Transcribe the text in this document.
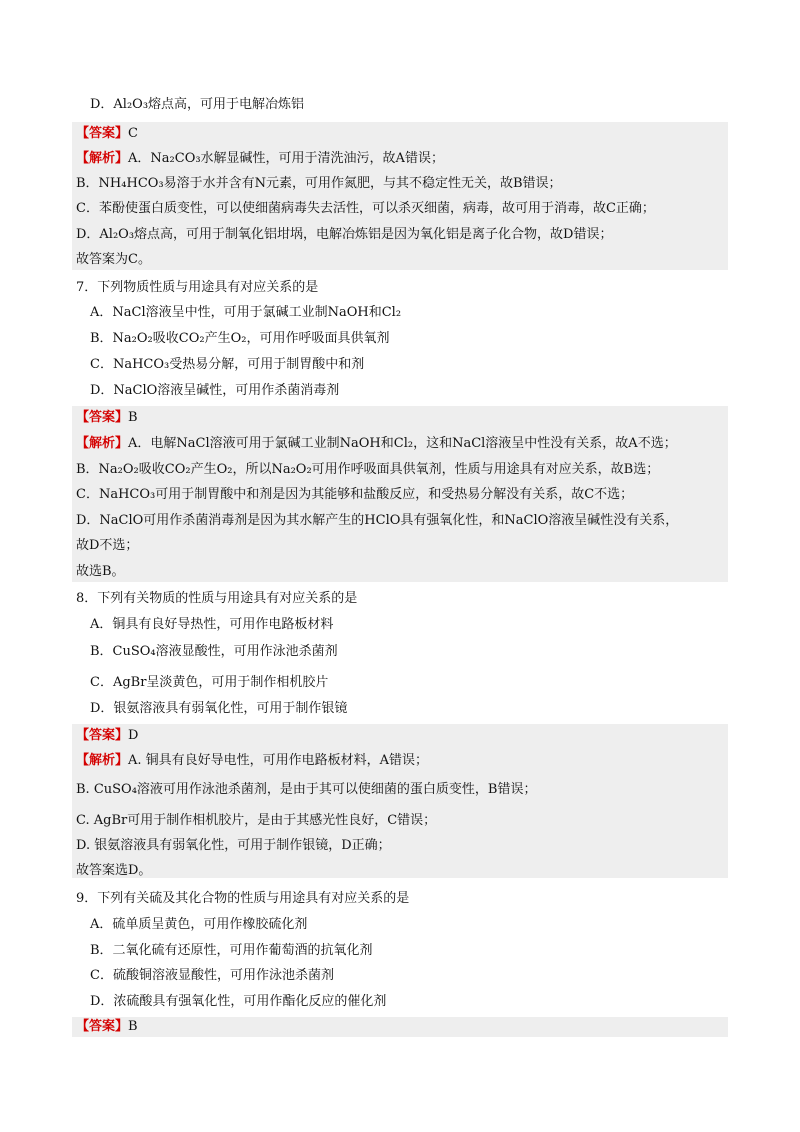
D．Al₂O₃熔点高，可用于电解冶炼铝
【答案】C
【解析】A．Na₂CO₃水解显碱性，可用于清洗油污，故A错误；
B．NH₄HCO₃易溶于水并含有N元素，可用作氮肥，与其不稳定性无关，故B错误；
C．苯酚使蛋白质变性，可以使细菌病毒失去活性，可以杀灭细菌，病毒，故可用于消毒，故C正确；
D．Al₂O₃熔点高，可用于制氧化铝坩埚，电解冶炼铝是因为氧化铝是离子化合物，故D错误；
故答案为C。
7．下列物质性质与用途具有对应关系的是
A．NaCl溶液呈中性，可用于氯碱工业制NaOH和Cl₂
B．Na₂O₂吸收CO₂产生O₂，可用作呼吸面具供氧剂
C．NaHCO₃受热易分解，可用于制胃酸中和剂
D．NaClO溶液呈碱性，可用作杀菌消毒剂
【答案】B
【解析】A．电解NaCl溶液可用于氯碱工业制NaOH和Cl₂，这和NaCl溶液呈中性没有关系，故A不选；
B．Na₂O₂吸收CO₂产生O₂，所以Na₂O₂可用作呼吸面具供氧剂，性质与用途具有对应关系，故B选；
C．NaHCO₃可用于制胃酸中和剂是因为其能够和盐酸反应，和受热易分解没有关系，故C不选；
D．NaClO可用作杀菌消毒剂是因为其水解产生的HClO具有强氧化性，和NaClO溶液呈碱性没有关系，
故D不选；
故选B。
8．下列有关物质的性质与用途具有对应关系的是
A．铜具有良好导热性，可用作电路板材料
B．CuSO₄溶液显酸性，可用作泳池杀菌剂
C．AgBr呈淡黄色，可用于制作相机胶片
D．银氨溶液具有弱氧化性，可用于制作银镜
【答案】D
【解析】A. 铜具有良好导电性，可用作电路板材料，A错误；
B. CuSO₄溶液可用作泳池杀菌剂，是由于其可以使细菌的蛋白质变性，B错误；
C. AgBr可用于制作相机胶片，是由于其感光性良好，C错误；
D. 银氨溶液具有弱氧化性，可用于制作银镜，D正确；
故答案选D。
9．下列有关硫及其化合物的性质与用途具有对应关系的是
A．硫单质呈黄色，可用作橡胶硫化剂
B．二氧化硫有还原性，可用作葡萄酒的抗氧化剂
C．硫酸铜溶液显酸性，可用作泳池杀菌剂
D．浓硫酸具有强氧化性，可用作酯化反应的催化剂
【答案】B
